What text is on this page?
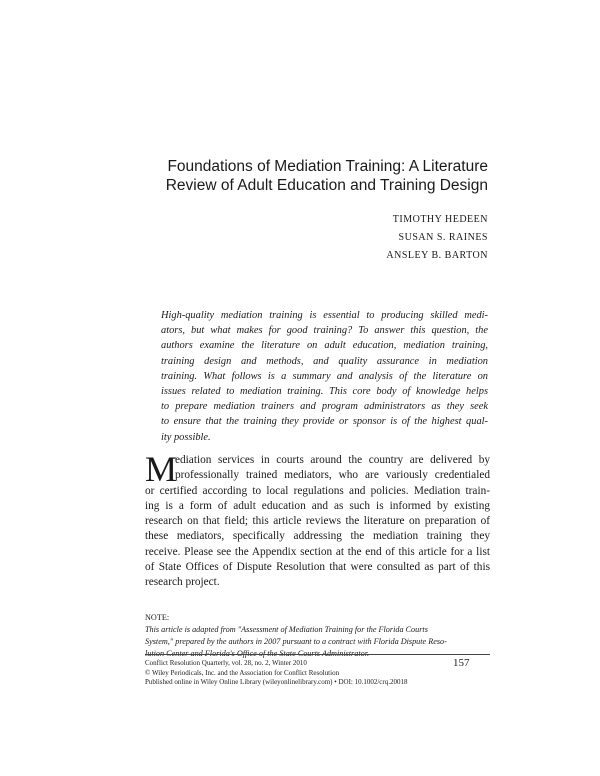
Foundations of Mediation Training: A Literature
Review of Adult Education and Training Design
TIMOTHY HEDEEN
SUSAN S. RAINES
ANSLEY B. BARTON
High-quality mediation training is essential to producing skilled medi-
ators, but what makes for good training? To answer this question, the
authors examine the literature on adult education, mediation training,
training design and methods, and quality assurance in mediation
training. What follows is a summary and analysis of the literature on
issues related to mediation training. This core body of knowledge helps
to prepare mediation trainers and program administrators as they seek
to ensure that the training they provide or sponsor is of the highest qual-
ity possible.
M
ediation services in courts around the country are delivered by
professionally trained mediators, who are variously credentialed
or certified according to local regulations and policies. Mediation train-
ing is a form of adult education and as such is informed by existing
research on that field; this article reviews the literature on preparation of
these mediators, specifically addressing the mediation training they
receive. Please see the Appendix section at the end of this article for a list
of State Offices of Dispute Resolution that were consulted as part of this
research project.
NOTE:
This article is adapted from "Assessment of Mediation Training for the Florida Courts
System," prepared by the authors in 2007 pursuant to a contract with Florida Dispute Reso-
lution Center and Florida's Office of the State Courts Administrator.
Conflict Resolution Quarterly, vol. 28, no. 2, Winter 2010
© Wiley Periodicals, Inc. and the Association for Conflict Resolution
Published online in Wiley Online Library (wileyonlinelibrary.com) • DOI: 10.1002/crq.20018
157
